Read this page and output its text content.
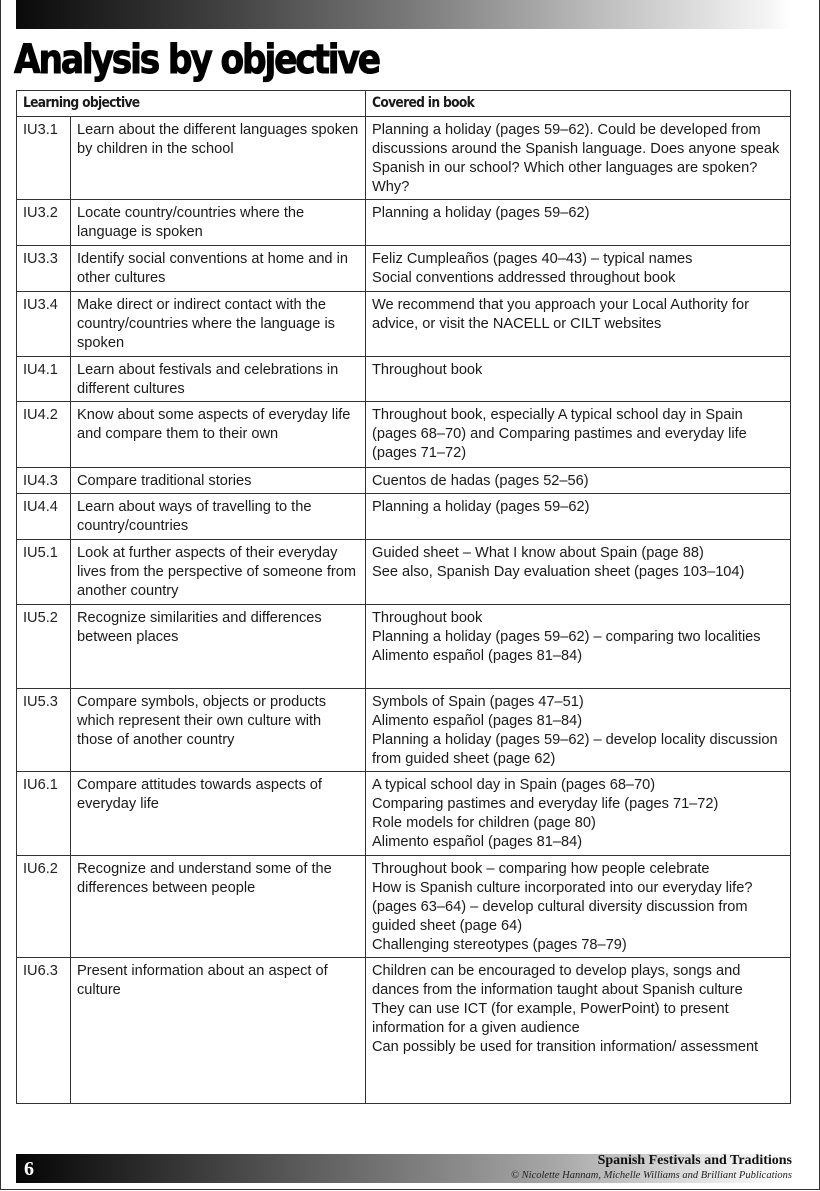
Analysis by objective
Learning objective		Covered in book
IU3.1	Learn about the different languages spoken by children in the school	Planning a holiday (pages 59–62). Could be developed from discussions around the Spanish language. Does anyone speak Spanish in our school? Which other languages are spoken? Why?

IU3.2	Locate country/countries where the language is spoken	Planning a holiday (pages 59–62)

IU3.3	Identify social conventions at home and in other cultures	Feliz Cumpleaños (pages 40–43) – typical names
Social conventions addressed throughout book

IU3.4	Make direct or indirect contact with the country/countries where the language is spoken	We recommend that you approach your Local Authority for advice, or visit the NACELL or CILT websites

IU4.1	Learn about festivals and celebrations in different cultures	Throughout book

IU4.2	Know about some aspects of everyday life and compare them to their own	Throughout book, especially A typical school day in Spain (pages 68–70) and Comparing pastimes and everyday life (pages 71–72)

IU4.3	Compare traditional stories	Cuentos de hadas (pages 52–56)

IU4.4	Learn about ways of travelling to the country/countries	Planning a holiday (pages 59–62)

IU5.1	Look at further aspects of their everyday lives from the perspective of someone from another country	Guided sheet – What I know about Spain (page 88)
See also, Spanish Day evaluation sheet (pages 103–104)

IU5.2	Recognize similarities and differences between places	Throughout book
Planning a holiday (pages 59–62) – comparing two localities
Alimento español (pages 81–84)

IU5.3	Compare symbols, objects or products which represent their own culture with those of another country	Symbols of Spain (pages 47–51)
Alimento español (pages 81–84)
Planning a holiday (pages 59–62) – develop locality discussion from guided sheet (page 62)

IU6.1	Compare attitudes towards aspects of everyday life	A typical school day in Spain (pages 68–70)
Comparing pastimes and everyday life (pages 71–72)
Role models for children (page 80)
Alimento español (pages 81–84)

IU6.2	Recognize and understand some of the differences between people	Throughout book – comparing how people celebrate
How is Spanish culture incorporated into our everyday life? (pages 63–64) – develop cultural diversity discussion from guided sheet (page 64)
Challenging stereotypes (pages 78–79)

IU6.3	Present information about an aspect of culture	Children can be encouraged to develop plays, songs and dances from the information taught about Spanish culture
They can use ICT (for example, PowerPoint) to present information for a given audience
Can possibly be used for transition information/ assessment
6	Spanish Festivals and Traditions
© Nicolette Hannam, Michelle Williams and Brilliant Publications
